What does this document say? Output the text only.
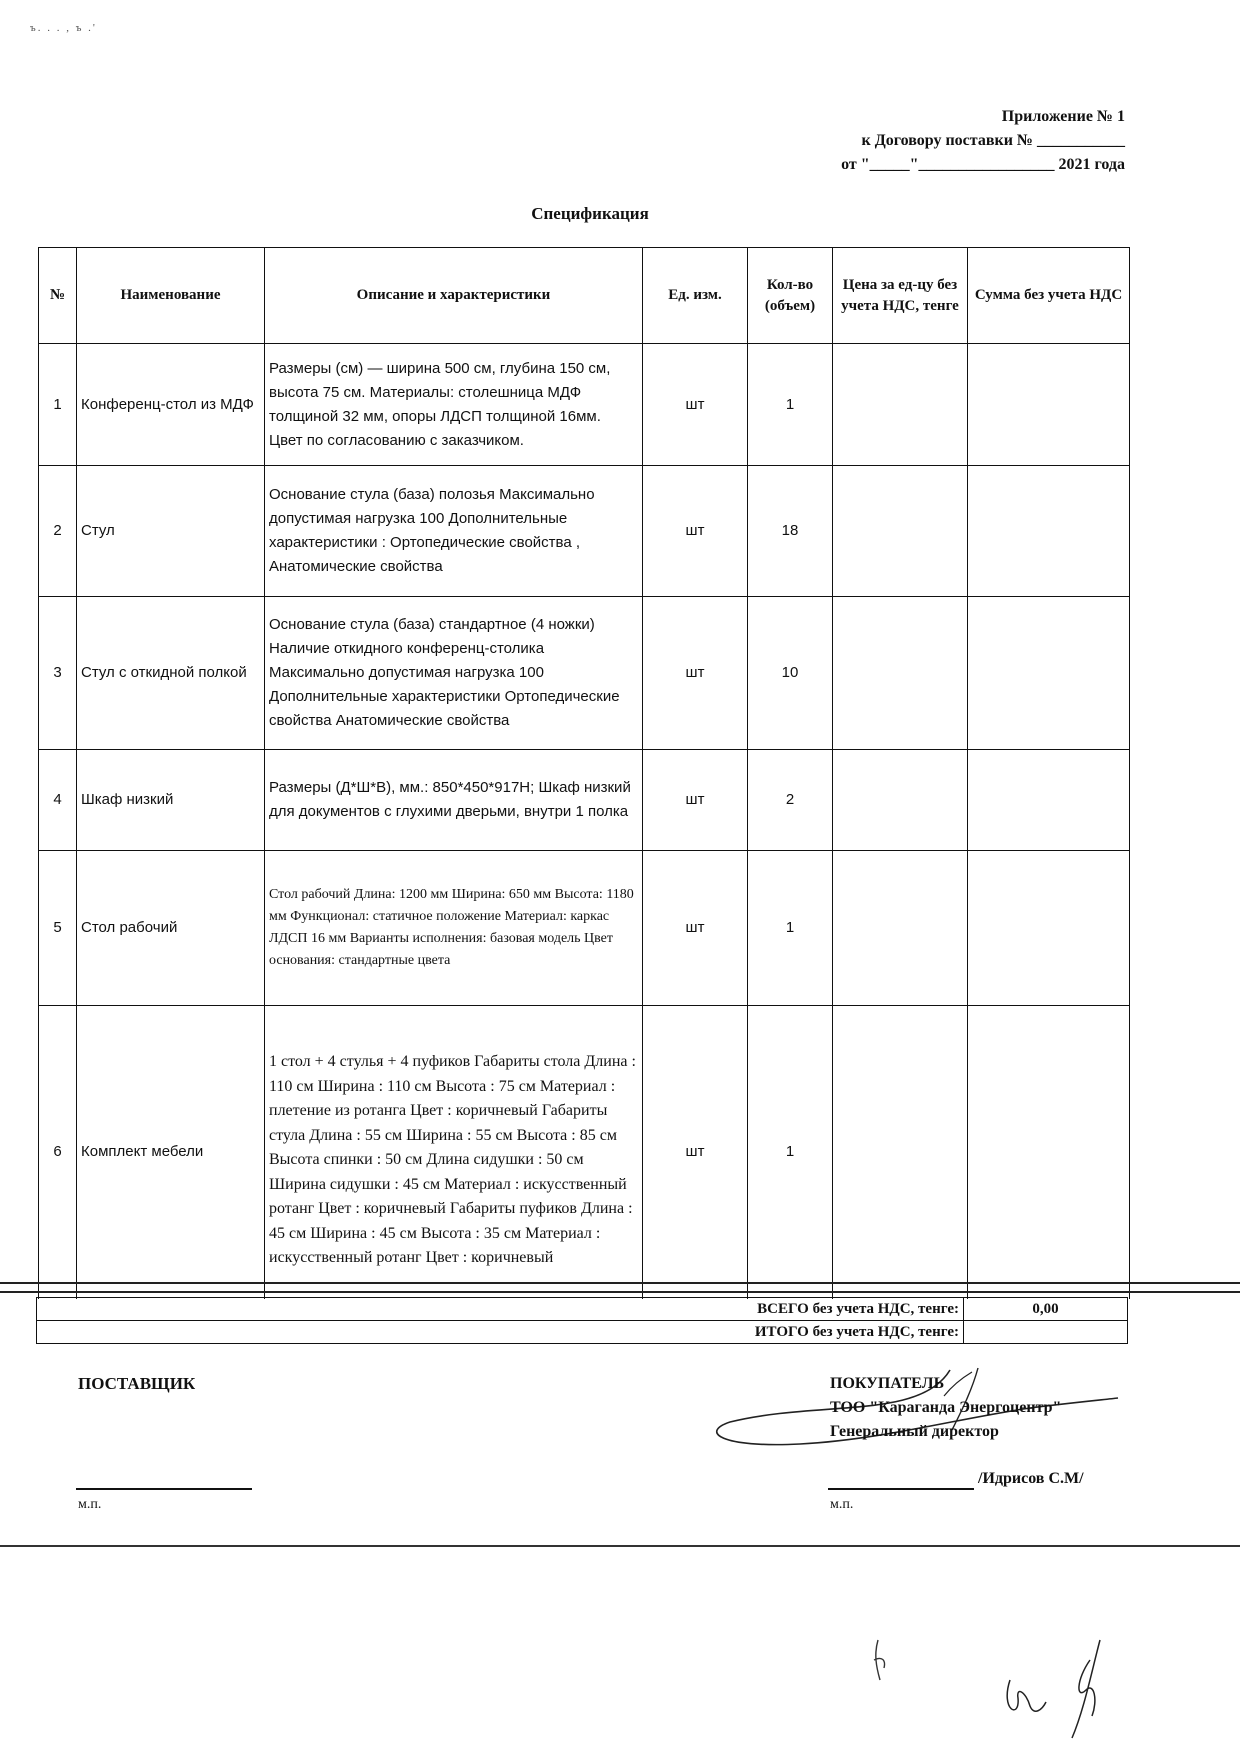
ъ. . . , ъ .'
Приложение № 1
к Договору поставки № ___________
от "_____"_________________ 2021 года
Спецификация
№	Наименование	Описание и характеристики	Ед. изм.	Кол-во (объем)	Цена за ед-цу без учета НДС, тенге	Сумма без учета НДС
1	Конференц-стол из МДФ	Размеры (см) — ширина 500 см, глубина 150 см, высота 75 см. Материалы: столешница МДФ толщиной 32 мм, опоры ЛДСП толщиной 16мм. Цвет по согласованию с заказчиком.	шт	1		
2	Стул	Основание стула (база) полозья Максимально допустимая нагрузка 100 Дополнительные характеристики : Ортопедические свойства , Анатомические свойства	шт	18		
3	Стул с откидной полкой	Основание стула (база) стандартное (4 ножки) Наличие откидного конференц-столика Максимально допустимая нагрузка 100 Дополнительные характеристики Ортопедические свойства Анатомические свойства	шт	10		
4	Шкаф низкий	Размеры (Д*Ш*В), мм.: 850*450*917Н; Шкаф низкий для документов с глухими дверьми, внутри 1 полка	шт	2		
5	Стол рабочий	Стол рабочий Длина: 1200 мм Ширина: 650 мм Высота: 1180 мм Функционал: статичное положение Материал: каркас ЛДСП 16 мм Варианты исполнения: базовая модель Цвет основания: стандартные цвета	шт	1		
6	Комплект мебели	1 стол + 4 стулья + 4 пуфиков Габариты стола Длина : 110 см Ширина : 110 см Высота : 75 см Материал : плетение из ротанга Цвет : коричневый Габариты стула Длина : 55 см Ширина : 55 см Высота : 85 см Высота спинки : 50 см Длина сидушки : 50 см Ширина сидушки : 45 см Материал : искусственный ротанг Цвет : коричневый Габариты пуфиков Длина : 45 см Ширина : 45 см Высота : 35 см Материал : искусственный ротанг Цвет : коричневый	шт	1		
ВСЕГО без учета НДС, тенге:	0,00
ИТОГО без учета НДС, тенге:	
ПОСТАВЩИК
м.п.
ПОКУПАТЕЛЬ
ТОО "Караганда Энергоцентр"
Генеральный директор
/Идрисов С.М/
м.п.
